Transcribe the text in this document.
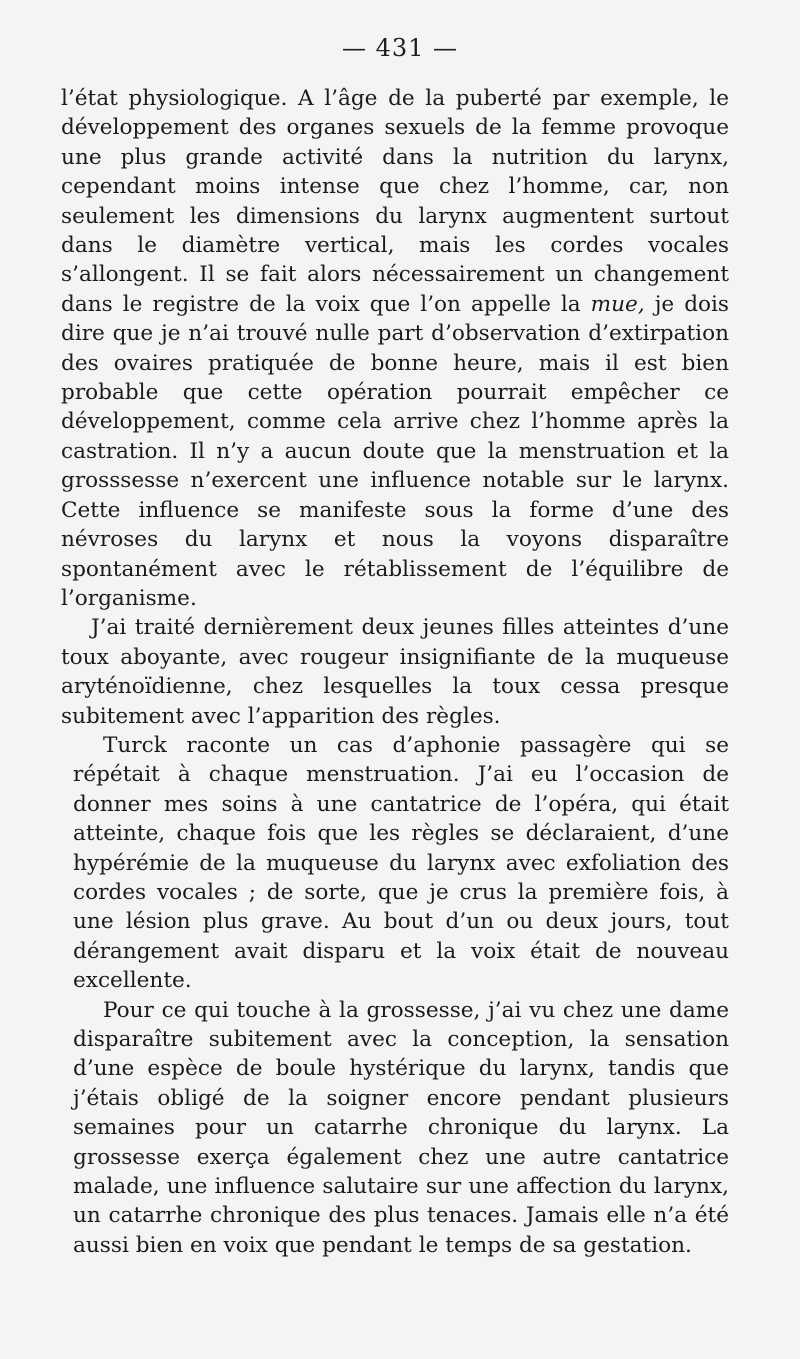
— 431 —

l’état physiologique. A l’âge de la puberté par exemple, le développement des organes sexuels de la femme provoque une plus grande activité dans la nutrition du larynx, cependant moins intense que chez l’homme, car, non seulement les dimensions du larynx augmentent surtout dans le diamètre vertical, mais les cordes vocales s’allongent. Il se fait alors nécessairement un changement dans le registre de la voix que l’on appelle la mue, je dois dire que je n’ai trouvé nulle part d’observation d’extirpation des ovaires pratiquée de bonne heure, mais il est bien probable que cette opération pourrait empêcher ce développement, comme cela arrive chez l’homme après la castration. Il n’y a aucun doute que la menstruation et la grosssesse n’exercent une influence notable sur le larynx. Cette influence se manifeste sous la forme d’une des névroses du larynx et nous la voyons disparaître spontanément avec le rétablissement de l’équilibre de l’organisme.

J’ai traité dernièrement deux jeunes filles atteintes d’une toux aboyante, avec rougeur insignifiante de la muqueuse aryténoïdienne, chez lesquelles la toux cessa presque subitement avec l’apparition des règles.

Turck raconte un cas d’aphonie passagère qui se répétait à chaque menstruation. J’ai eu l’occasion de donner mes soins à une cantatrice de l’opéra, qui était atteinte, chaque fois que les règles se déclaraient, d’une hypérémie de la muqueuse du larynx avec exfoliation des cordes vocales ; de sorte, que je crus la première fois, à une lésion plus grave. Au bout d’un ou deux jours, tout dérangement avait disparu et la voix était de nouveau excellente.

Pour ce qui touche à la grossesse, j’ai vu chez une dame disparaître subitement avec la conception, la sensation d’une espèce de boule hystérique du larynx, tandis que j’étais obligé de la soigner encore pendant plusieurs semaines pour un catarrhe chronique du larynx. La grossesse exerça également chez une autre cantatrice malade, une influence salutaire sur une affection du larynx, un catarrhe chronique des plus tenaces. Jamais elle n’a été aussi bien en voix que pendant le temps de sa gestation.
